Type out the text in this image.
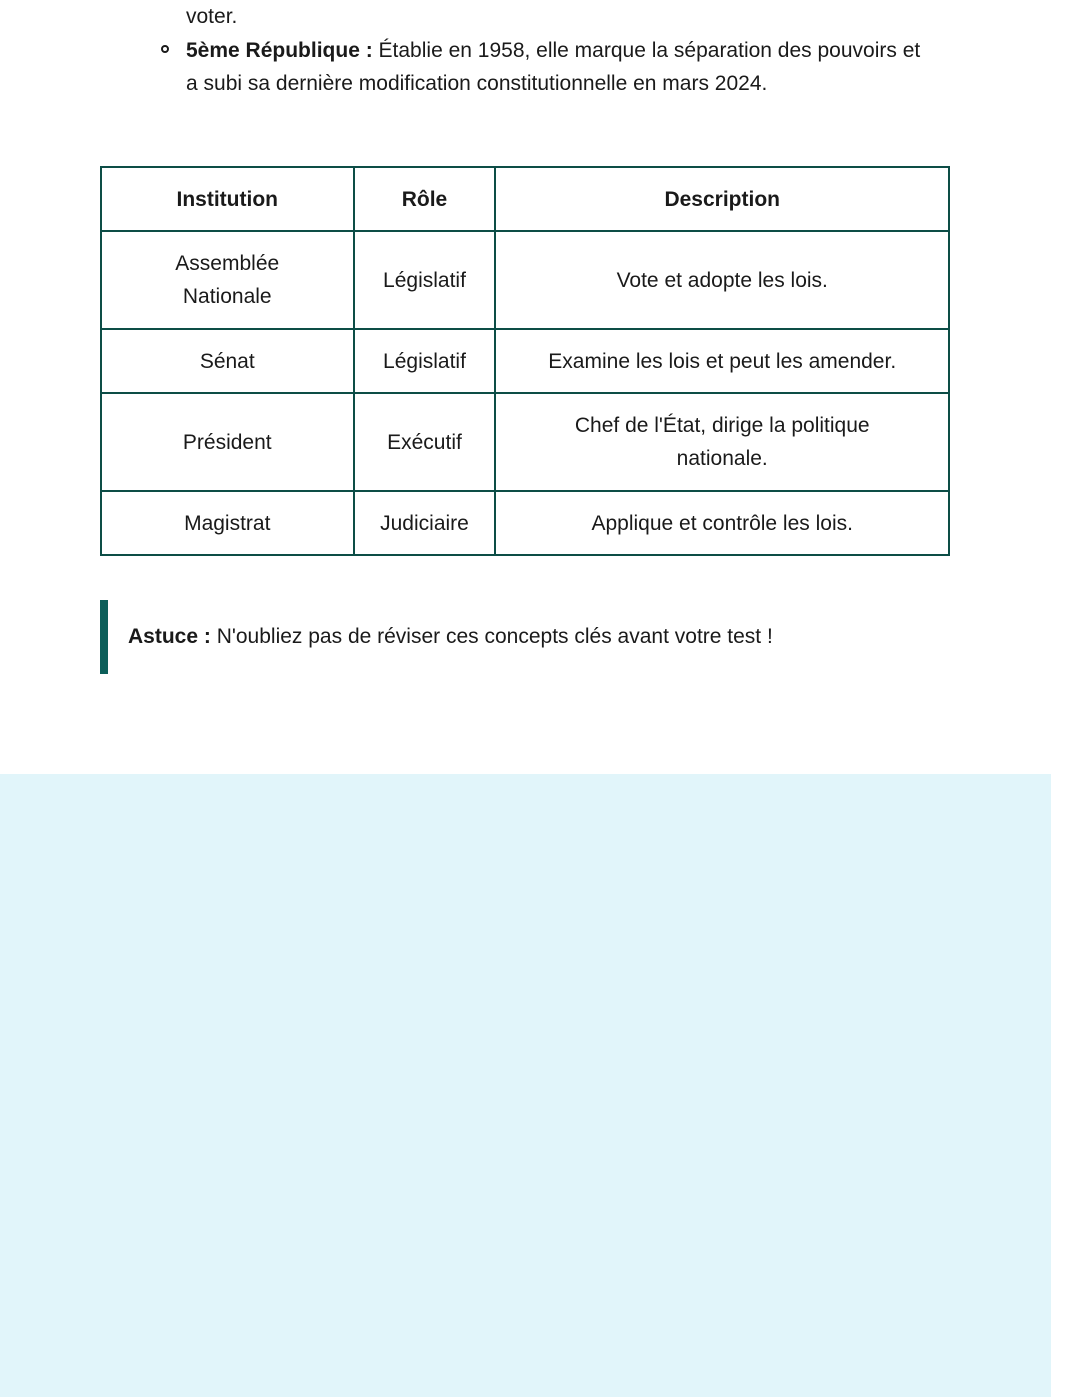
voter.
5ème République : Établie en 1958, elle marque la séparation des pouvoirs et a subi sa dernière modification constitutionnelle en mars 2024.
Institution	Rôle	Description

Assemblée Nationale	Législatif	Vote et adopte les lois.
Sénat	Législatif	Examine les lois et peut les amender.
Président	Exécutif	Chef de l'État, dirige la politique nationale.

Magistrat	Judiciaire	Applique et contrôle les lois.
Astuce : N'oubliez pas de réviser ces concepts clés avant votre test !
